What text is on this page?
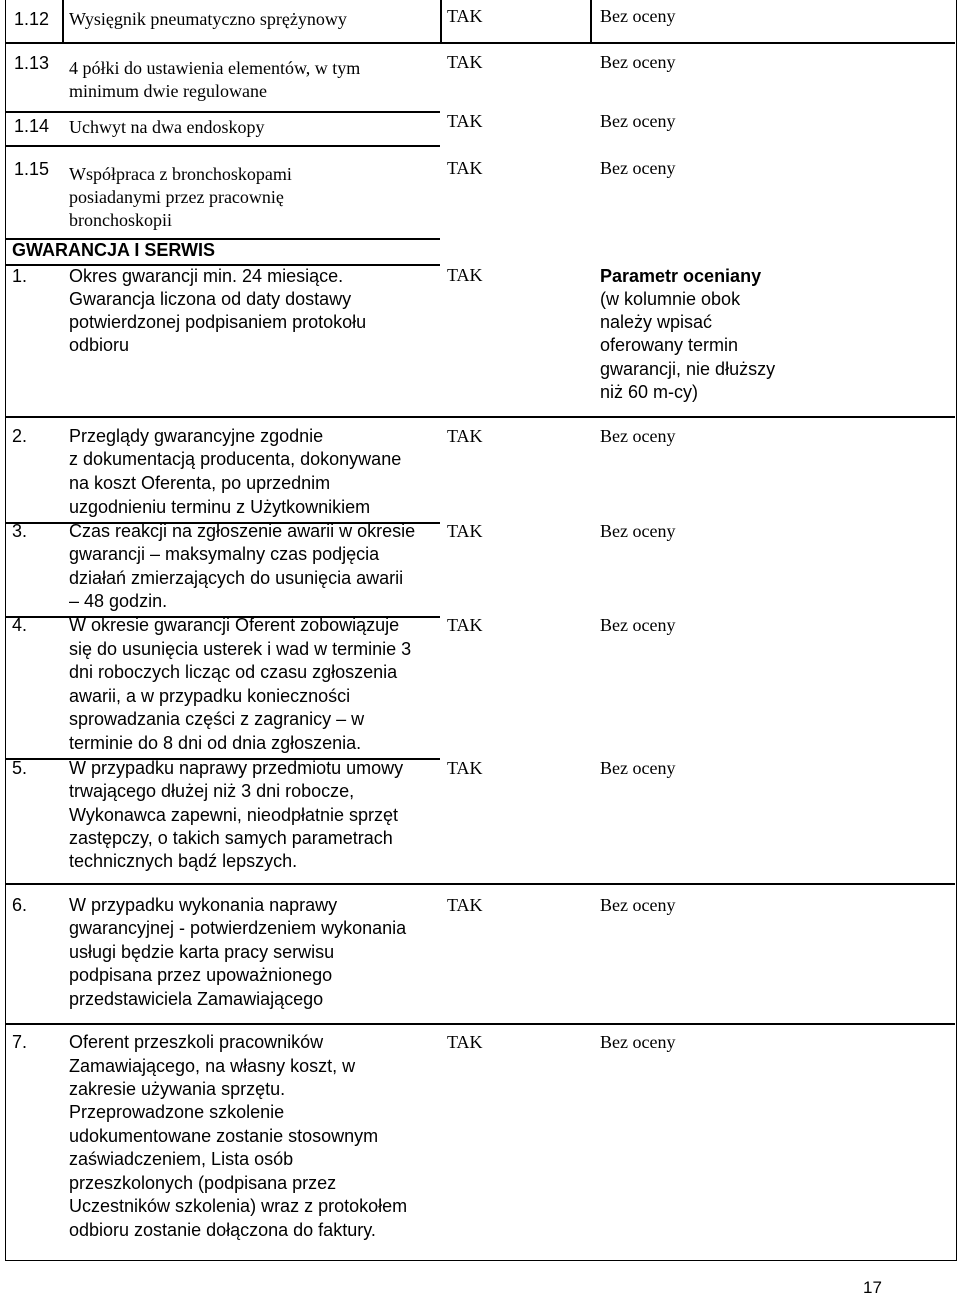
1.12 Wysięgnik pneumatyczno sprężynowy	TAK	Bez oceny
1.13 4 półki do ustawienia elementów, w tym
minimum dwie regulowane
TAK	Bez oceny
1.14 Uchwyt na dwa endoskopy	TAK	Bez oceny
1.15 Współpraca z bronchoskopami
posiadanymi przez pracownię
bronchoskopii
TAK	Bez oceny
GWARANCJA I SERWIS
1. Okres gwarancji min. 24 miesiące.
Gwarancja liczona od daty dostawy
potwierdzonej podpisaniem protokołu
odbioru
TAK	Parametr oceniany
(w kolumnie obok
należy wpisać
oferowany termin
gwarancji, nie dłuższy
niż 60 m-cy)
2. Przeglądy gwarancyjne zgodnie
z dokumentacją producenta, dokonywane
na koszt Oferenta, po uprzednim
uzgodnieniu terminu z Użytkownikiem
TAK	Bez oceny
3. Czas reakcji na zgłoszenie awarii w okresie
gwarancji – maksymalny czas podjęcia
działań zmierzających do usunięcia awarii
– 48 godzin.
TAK	Bez oceny
4. W okresie gwarancji Oferent zobowiązuje
się do usunięcia usterek i wad w terminie 3
dni roboczych licząc od czasu zgłoszenia
awarii, a w przypadku konieczności
sprowadzania części z zagranicy – w
terminie do 8 dni od dnia zgłoszenia.
TAK	Bez oceny
5. W przypadku naprawy przedmiotu umowy
trwającego dłużej niż 3 dni robocze,
Wykonawca zapewni, nieodpłatnie sprzęt
zastępczy, o takich samych parametrach
technicznych bądź lepszych.
TAK	Bez oceny
6. W przypadku wykonania naprawy
gwarancyjnej - potwierdzeniem wykonania
usługi będzie karta pracy serwisu
podpisana przez upoważnionego
przedstawiciela Zamawiającego
TAK	Bez oceny
7. Oferent przeszkoli pracowników
Zamawiającego, na własny koszt, w
zakresie używania sprzętu.
Przeprowadzone szkolenie
udokumentowane zostanie stosownym
zaświadczeniem, Lista osób
przeszkolonych (podpisana przez
Uczestników szkolenia) wraz z protokołem
odbioru zostanie dołączona do faktury.
TAK	Bez oceny
17
